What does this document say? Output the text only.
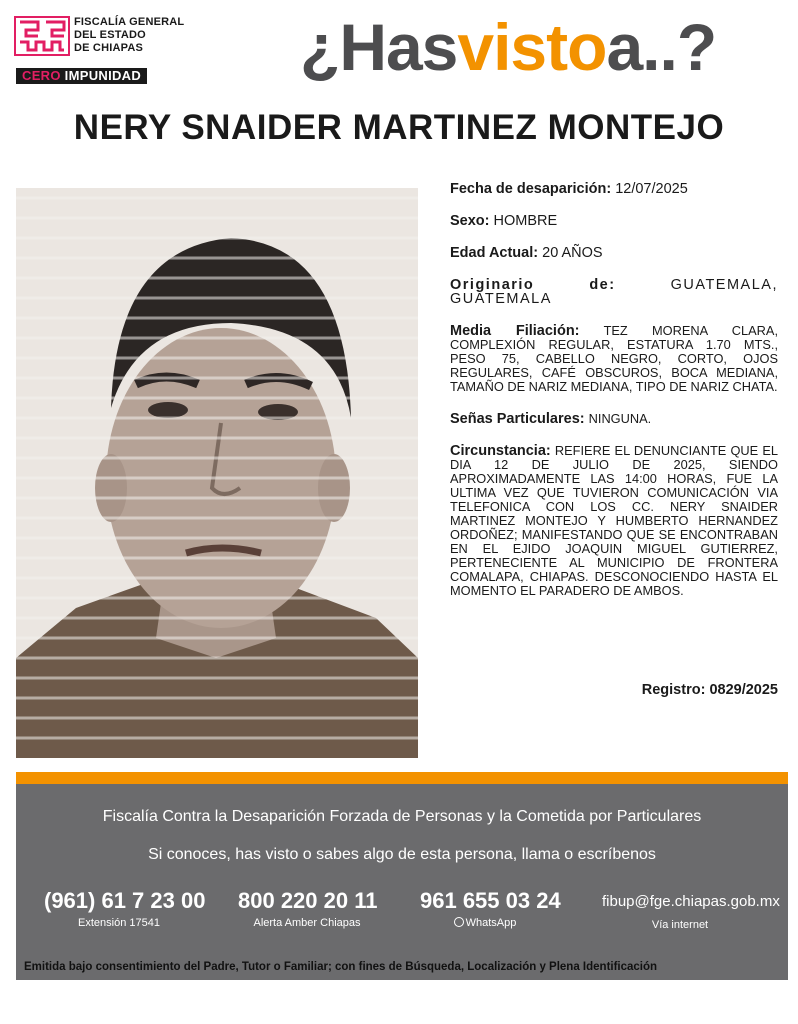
FISCALÍA GENERAL
DEL ESTADO
DE CHIAPAS
CERO IMPUNIDAD ¿Hasvistoa..?
NERY SNAIDER MARTINEZ MONTEJO
Fecha de desaparición: 12/07/2025
Sexo: HOMBRE
Edad Actual: 20 AÑOS
Originario de:	GUATEMALA, GUATEMALA
Media Filiación: TEZ MORENA CLARA, COMPLEXIÓN REGULAR, ESTATURA 1.70 MTS., PESO 75, CABELLO NEGRO, CORTO, OJOS REGULARES, CAFÉ OBSCUROS, BOCA MEDIANA, TAMAÑO DE NARIZ MEDIANA, TIPO DE NARIZ CHATA.
Señas Particulares: NINGUNA.
Circunstancia: REFIERE EL DENUNCIANTE QUE EL DIA 12 DE JULIO DE 2025, SIENDO APROXIMADAMENTE LAS 14:00 HORAS, FUE LA ULTIMA VEZ QUE TUVIERON COMUNICACIÓN VIA TELEFONICA CON LOS CC. NERY SNAIDER MARTINEZ MONTEJO Y HUMBERTO HERNANDEZ ORDOÑEZ; MANIFESTANDO QUE SE ENCONTRABAN EN EL EJIDO JOAQUIN MIGUEL GUTIERREZ, PERTENECIENTE AL MUNICIPIO DE FRONTERA COMALAPA, CHIAPAS. DESCONOCIENDO HASTA EL MOMENTO EL PARADERO DE AMBOS.
Registro: 0829/2025
Fiscalía Contra la Desaparición Forzada de Personas y la Cometida por Particulares
Si conoces, has visto o sabes algo de esta persona, llama o escríbenos
(961) 61 7 23 00
Extensión 17541
800 220 20 11
Alerta Amber Chiapas
961 655 03 24
WhatsApp
fibup@fge.chiapas.gob.mx
Vía internet
Emitida bajo consentimiento del Padre, Tutor o Familiar; con fines de Búsqueda, Localización y Plena Identificación
